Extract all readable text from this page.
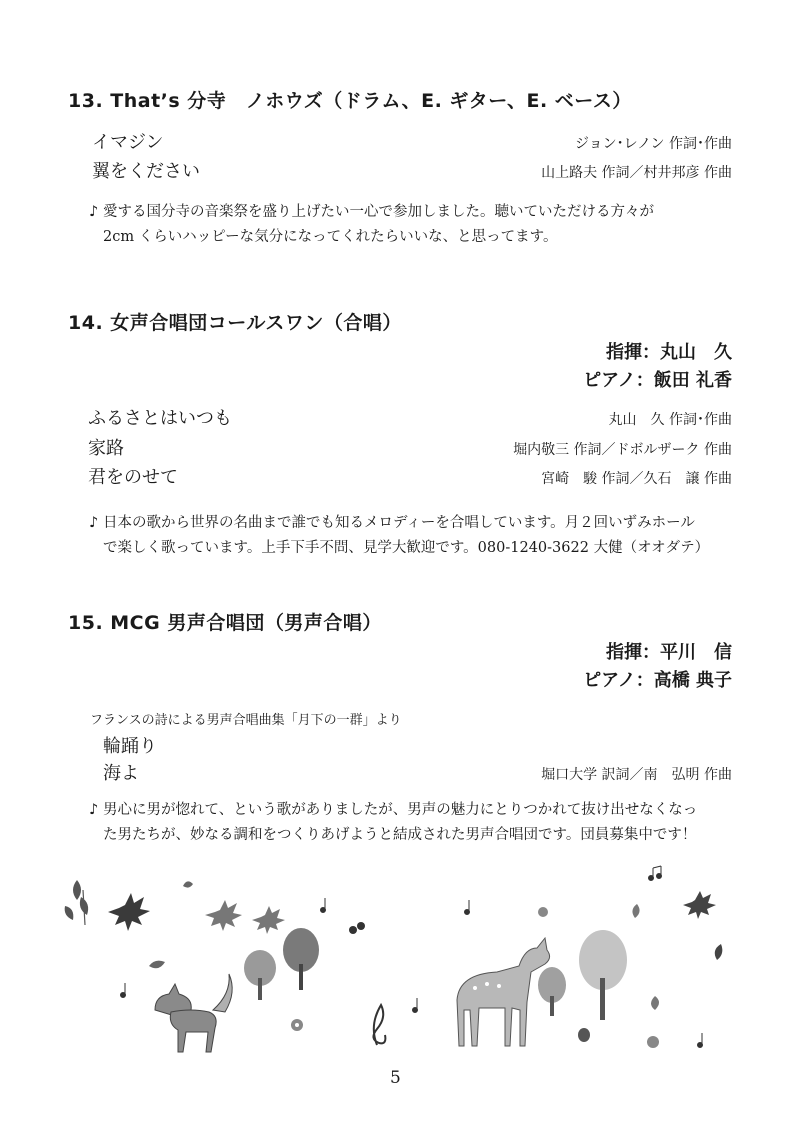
13. That’s 分寺　ノホウズ（ドラム、E. ギター、E. ベース）
イマジン	ジョン･レノン 作詞･作曲
翼をください	山上路夫 作詞／村井邦彦 作曲
♪ 愛する国分寺の音楽祭を盛り上げたい一心で参加しました。聴いていただける方々が
2cm くらいハッピーな気分になってくれたらいいな、と思ってます。
14. 女声合唱団コールスワン（合唱）
指揮：丸山　久
ピアノ：飯田 礼香
ふるさとはいつも	丸山　久 作詞･作曲
家路	堀内敬三 作詞／ドボルザーク 作曲
君をのせて	宮崎　駿 作詞／久石　譲 作曲
♪ 日本の歌から世界の名曲まで誰でも知るメロディーを合唱しています。月２回いずみホール
で楽しく歌っています。上手下手不問、見学大歓迎です。080-1240-3622 大健（オオダテ）
15. MCG 男声合唱団（男声合唱）
指揮：平川　信
ピアノ：高橋 典子
フランスの詩による男声合唱曲集「月下の一群」より
輪踊り
海よ	堀口大学 訳詞／南　弘明 作曲
♪ 男心に男が惚れて、という歌がありましたが、男声の魅力にとりつかれて抜け出せなくなっ
た男たちが、妙なる調和をつくりあげようと結成された男声合唱団です。団員募集中です！
5
